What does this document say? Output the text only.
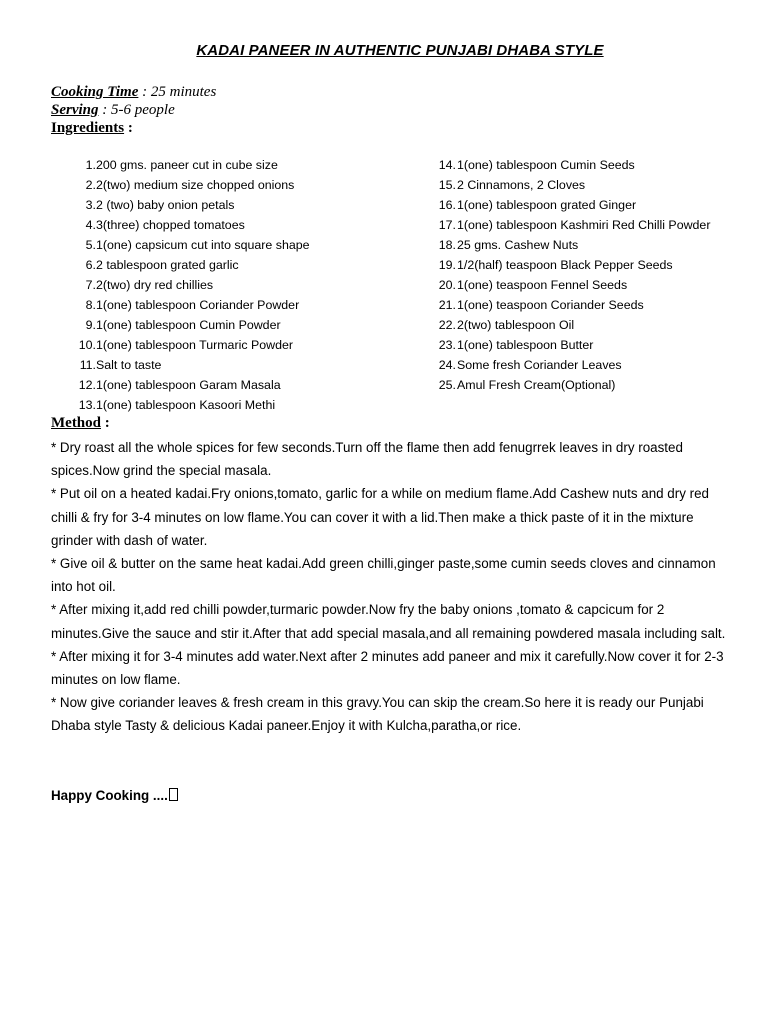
KADAI PANEER IN AUTHENTIC PUNJABI DHABA STYLE
Cooking Time : 25 minutes
Serving : 5-6 people
Ingredients :
1. 200 gms. paneer cut in cube size
2. 2(two) medium size chopped onions
3. 2 (two) baby onion petals
4. 3(three) chopped tomatoes
5. 1(one) capsicum cut into square shape
6. 2 tablespoon grated garlic
7. 2(two) dry red chillies
8. 1(one) tablespoon Coriander Powder
9. 1(one) tablespoon Cumin Powder
10. 1(one) tablespoon Turmaric Powder
11. Salt to taste
12. 1(one) tablespoon Garam Masala
13. 1(one) tablespoon Kasoori Methi
14. 1(one) tablespoon Cumin Seeds
15. 2 Cinnamons, 2 Cloves
16. 1(one) tablespoon grated Ginger
17. 1(one) tablespoon Kashmiri Red Chilli Powder
18. 25 gms. Cashew Nuts
19. 1/2(half) teaspoon Black Pepper Seeds
20. 1(one) teaspoon Fennel Seeds
21. 1(one) teaspoon Coriander Seeds
22. 2(two) tablespoon Oil
23. 1(one) tablespoon Butter
24. Some fresh Coriander Leaves
25. Amul Fresh Cream(Optional)
Method :

* Dry roast all the whole spices for few seconds.Turn off the flame then add fenugrrek leaves in dry roasted spices.Now grind the special masala.

* Put oil on a heated kadai.Fry onions,tomato, garlic for a while on medium flame.Add Cashew nuts and dry red chilli & fry for 3-4 minutes on low flame.You can cover it with a lid.Then make a thick paste of it in the mixture grinder with dash of water.

* Give oil & butter on the same heat kadai.Add green chilli,ginger paste,some cumin seeds cloves and cinnamon into hot oil.

* After mixing it,add red chilli powder,turmaric powder.Now fry the baby onions ,tomato & capcicum for 2 minutes.Give the sauce and stir it.After that add special masala,and all remaining powdered masala including salt.

* After mixing it for 3-4 minutes add water.Next after 2 minutes add paneer and mix it carefully.Now cover it for 2-3 minutes on low flame.

* Now give coriander leaves & fresh cream in this gravy.You can skip the cream.So here it is ready our Punjabi Dhaba style Tasty & delicious Kadai paneer.Enjoy it with Kulcha,paratha,or rice.

Happy Cooking ....
